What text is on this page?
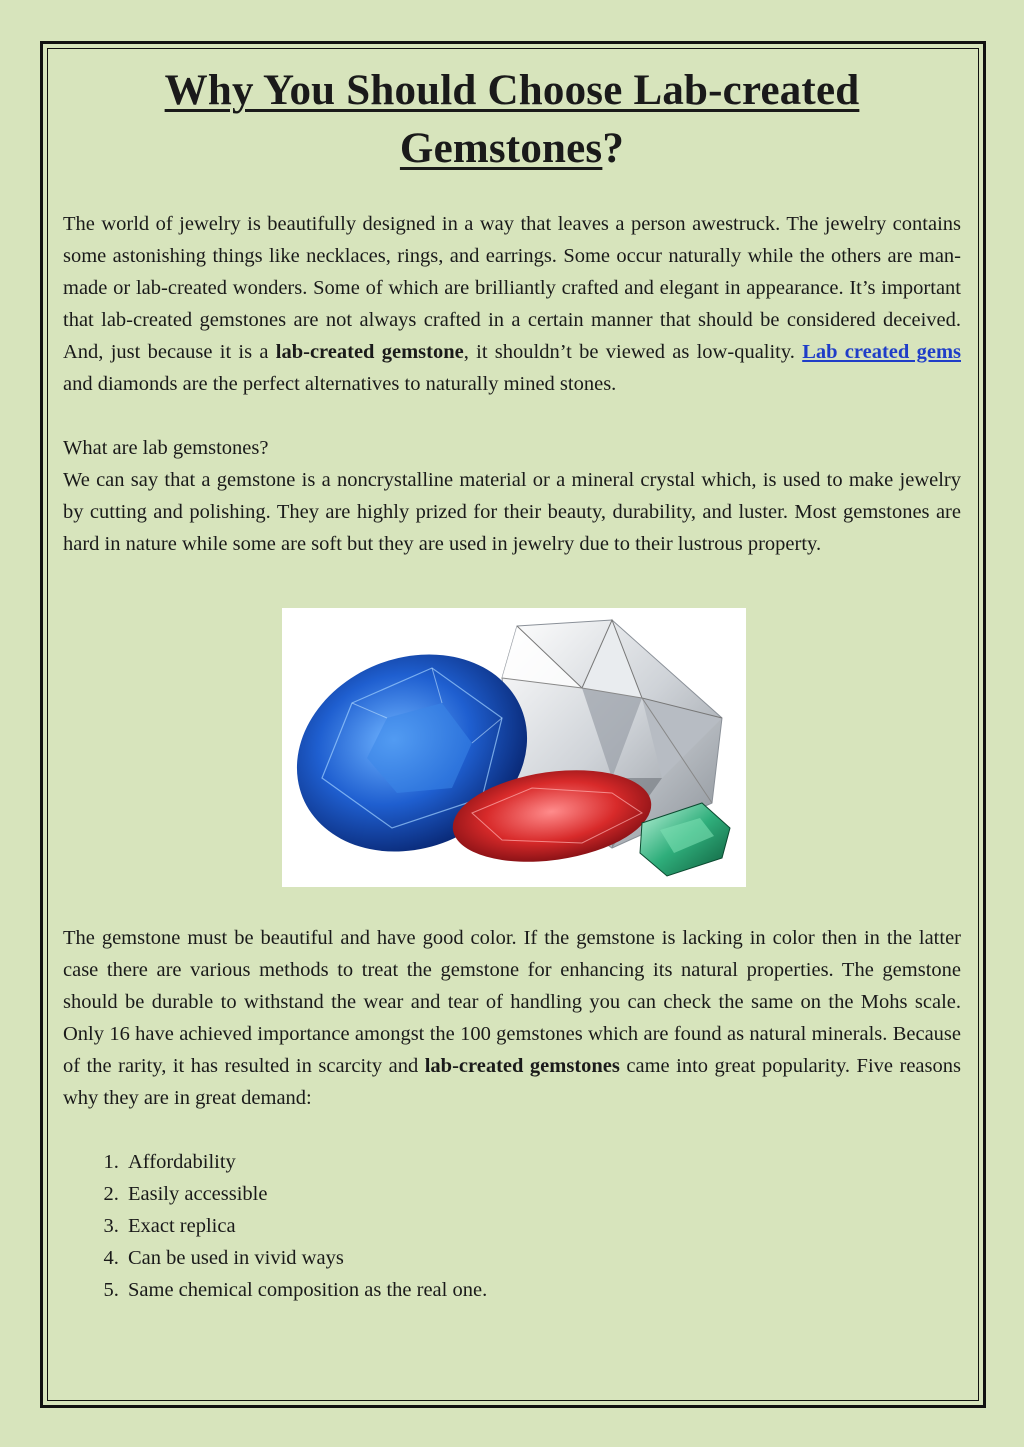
Why You Should Choose Lab-created
Gemstones?

The world of jewelry is beautifully designed in a way that leaves a person awestruck. The jewelry contains some astonishing things like necklaces, rings, and earrings. Some occur naturally while the others are man-made or lab-created wonders. Some of which are brilliantly crafted and elegant in appearance. It’s important that lab-created gemstones are not always crafted in a certain manner that should be considered deceived. And, just because it is a lab-created gemstone, it shouldn’t be viewed as low-quality. Lab created gems and diamonds are the perfect alternatives to naturally mined stones.

What are lab gemstones?

We can say that a gemstone is a noncrystalline material or a mineral crystal which, is used to make jewelry by cutting and polishing. They are highly prized for their beauty, durability, and luster. Most gemstones are hard in nature while some are soft but they are used in jewelry due to their lustrous property.

The gemstone must be beautiful and have good color. If the gemstone is lacking in color then in the latter case there are various methods to treat the gemstone for enhancing its natural properties. The gemstone should be durable to withstand the wear and tear of handling you can check the same on the Mohs scale. Only 16 have achieved importance amongst the 100 gemstones which are found as natural minerals. Because of the rarity, it has resulted in scarcity and lab-created gemstones came into great popularity. Five reasons why they are in great demand:

1. Affordability
2. Easily accessible
3. Exact replica
4. Can be used in vivid ways
5. Same chemical composition as the real one.
